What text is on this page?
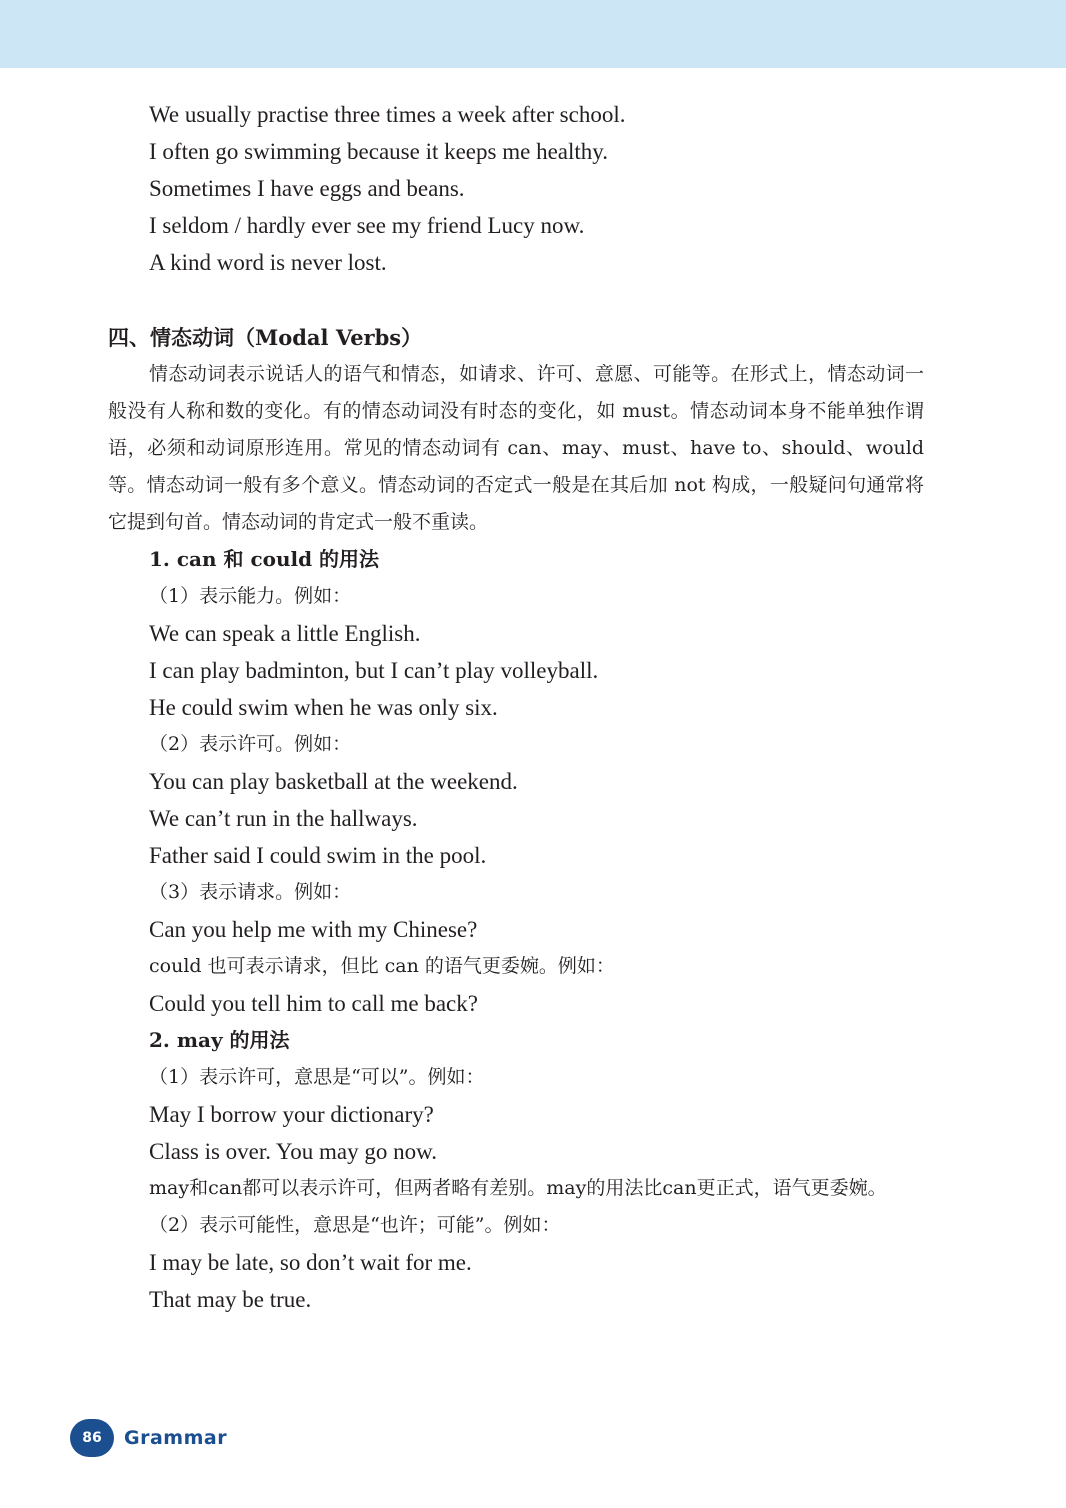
We usually practise three times a week after school.
I often go swimming because it keeps me healthy.
Sometimes I have eggs and beans.
I seldom / hardly ever see my friend Lucy now.
A kind word is never lost.
四、情态动词（Modal Verbs）

情态动词表示说话人的语气和情态，如请求、许可、意愿、可能等。在形式上，情态动词一般没有人称和数的变化。有的情态动词没有时态的变化，如 must。情态动词本身不能单独作谓语，必须和动词原形连用。常见的情态动词有 can、may、must、have to、should、would 等。情态动词一般有多个意义。情态动词的否定式一般是在其后加 not 构成，一般疑问句通常将它提到句首。情态动词的肯定式一般不重读。

1. can 和 could 的用法
（1）表示能力。例如：
We can speak a little English.
I can play badminton, but I can’t play volleyball.
He could swim when he was only six.
（2）表示许可。例如：
You can play basketball at the weekend.
We can’t run in the hallways.
Father said I could swim in the pool.
（3）表示请求。例如：
Can you help me with my Chinese?
could 也可表示请求，但比 can 的语气更委婉。例如：
Could you tell him to call me back?
2. may 的用法
（1）表示许可，意思是“可以”。例如：
May I borrow your dictionary?
Class is over. You may go now.

may和can都可以表示许可，但两者略有差别。may的用法比can更正式，语气更委婉。

（2）表示可能性，意思是“也许；可能”。例如：
I may be late, so don’t wait for me.
That may be true.
86	Grammar
